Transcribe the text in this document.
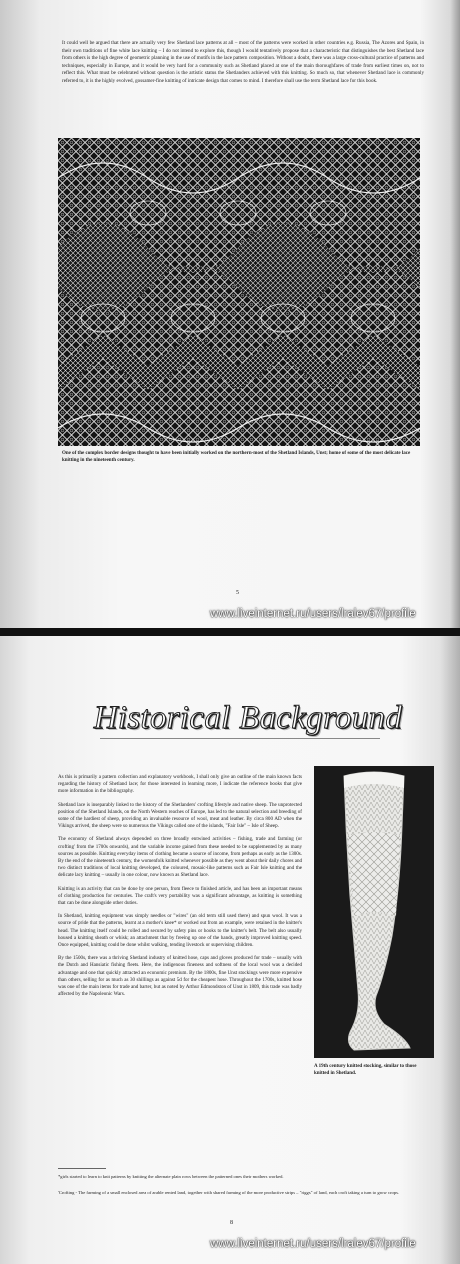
It could well be argued that there are actually very few Shetland lace patterns at all – most of the patterns were worked in other countries e.g. Russia, The Azores and Spain, in their own traditions of fine white lace knitting – I do not intend to explore this, though I would tentatively propose that a characteristic that distinguishes the best Shetland lace from others is the high degree of geometric planning in the use of motifs in the lace pattern composition. Without a doubt, there was a large cross-cultural practice of patterns and techniques, especially in Europe, and it would be very hard for a community such as Shetland placed at one of the main thoroughfares of trade from earliest times on, not to reflect this. What must be celebrated without question is the artistic status the Shetlanders achieved with this knitting. So much so, that whenever Shetland lace is commonly referred to, it is the highly evolved, gossamer-fine knitting of intricate design that comes to mind. I therefore shall use the term Shetland lace for this book.

One of the complex border designs thought to have been initially worked on the northern-most of the Shetland Islands, Unst; home of some of the most delicate lace knitting in the nineteenth century.

5

www.liveinternet.ru/users/lralev67/profile

Historical Background

As this is primarily a pattern collection and explanatory workbook, I shall only give an outline of the main known facts regarding the history of Shetland lace; for those interested in learning more, I indicate the reference books that give more information in the bibliography.

Shetland lace is inseparably linked to the history of the Shetlanders' crofting lifestyle and native sheep. The unprotected position of the Shetland Islands, on the North Western reaches of Europe, has led to the natural selection and breeding of some of the hardiest of sheep, providing an invaluable resource of wool, meat and leather. By circa 800 AD when the Vikings arrived, the sheep were so numerous the Vikings called one of the islands, "Fair Isle" – Isle of Sheep.

The economy of Shetland always depended on three broadly entwined activities – fishing, trade and farming (or crofting' from the 1700s onwards), and the variable income gained from these needed to be supplemented by as many sources as possible. Knitting everyday items of clothing became a source of income, from perhaps as early as the 1300s. By the end of the nineteenth century, the womenfolk knitted whenever possible as they went about their daily chores and two distinct traditions of local knitting developed, the coloured, mosaic-like patterns such as Fair Isle knitting and the delicate lacy knitting – usually in one colour, now known as Shetland lace.

Knitting is an activity that can be done by one person, from fleece to finished article, and has been an important means of clothing production for centuries. The craft's very portability was a significant advantage, as knitting is something that can be done alongside other duties.

In Shetland, knitting equipment was simply needles or "wires" (an old term still used there) and spun wool. It was a source of pride that the patterns, learnt at a mother's knee* or worked out from an example, were retained in the knitter's head. The knitting itself could be rolled and secured by safety pins or hooks to the knitter's belt. The belt also usually housed a knitting sheath or whisk; an attachment that by freeing up one of the hands, greatly improved knitting speed. Once equipped, knitting could be done whilst walking, tending livestock or supervising children.

By the 1500s, there was a thriving Shetland industry of knitted hose, caps and gloves produced for trade – usually with the Dutch and Hansiatic fishing fleets. Here, the indigenous fineness and softness of the local wool was a decided advantage and one that quickly attracted an economic premium. By the 1800s, fine Unst stockings were more expensive than others, selling for as much as 30 shillings as against 5d for the cheapest hose. Throughout the 1700s, knitted hose was one of the main items for trade and barter, but as noted by Arthur Edmondston of Unst in 1809, this trade was badly affected by the Napoleonic Wars.

A 19th century knitted stocking, similar to those knitted in Shetland.

*girls started to learn to knit patterns by knitting the alternate plain rows between the patterned ones their mothers worked.

'Crofting - The farming of a small enclosed area of arable rented land, together with shared farming of the more productive strips – "riggs" of land, each croft taking a turn to grow crops.

8

www.liveinternet.ru/users/lralev67/profile
